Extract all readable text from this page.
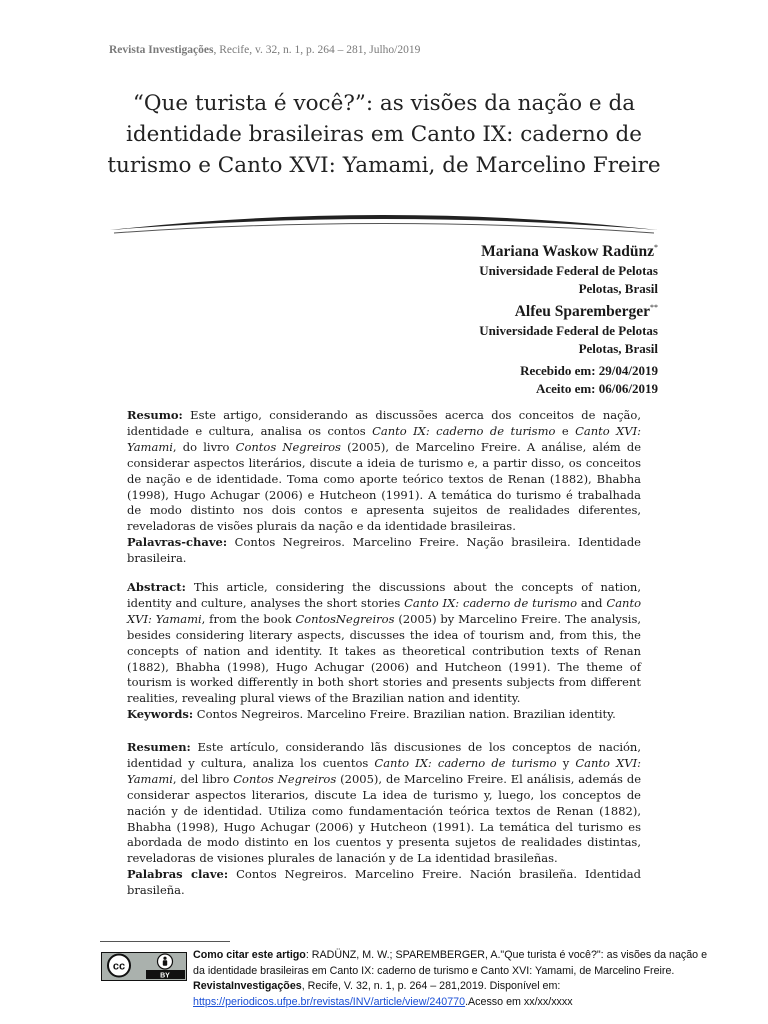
Revista Investigações, Recife, v. 32, n. 1, p. 264 – 281, Julho/2019
“Que turista é você?”: as visões da nação e da identidade brasileiras em Canto IX: caderno de turismo e Canto XVI: Yamami, de Marcelino Freire
Mariana Waskow Radünz*
Universidade Federal de Pelotas
Pelotas, Brasil
Alfeu Sparemberger**
Universidade Federal de Pelotas
Pelotas, Brasil
Recebido em: 29/04/2019
Aceito em: 06/06/2019

Resumo: Este artigo, considerando as discussões acerca dos conceitos de nação, identidade e cultura, analisa os contos Canto IX: caderno de turismo e Canto XVI: Yamami, do livro Contos Negreiros (2005), de Marcelino Freire. A análise, além de considerar aspectos literários, discute a ideia de turismo e, a partir disso, os conceitos de nação e de identidade. Toma como aporte teórico textos de Renan (1882), Bhabha (1998), Hugo Achugar (2006) e Hutcheon (1991). A temática do turismo é trabalhada de modo distinto nos dois contos e apresenta sujeitos de realidades diferentes, reveladoras de visões plurais da nação e da identidade brasileiras.

Palavras-chave: Contos Negreiros. Marcelino Freire. Nação brasileira. Identidade brasileira.

Abstract: This article, considering the discussions about the concepts of nation, identity and culture, analyses the short stories Canto IX: caderno de turismo and Canto XVI: Yamami, from the book ContosNegreiros (2005) by Marcelino Freire. The analysis, besides considering literary aspects, discusses the idea of tourism and, from this, the concepts of nation and identity. It takes as theoretical contribution texts of Renan (1882), Bhabha (1998), Hugo Achugar (2006) and Hutcheon (1991). The theme of tourism is worked differently in both short stories and presents subjects from different realities, revealing plural views of the Brazilian nation and identity.

Keywords: Contos Negreiros. Marcelino Freire. Brazilian nation. Brazilian identity.

Resumen: Este artículo, considerando lãs discusiones de los conceptos de nación, identidad y cultura, analiza los cuentos Canto IX: caderno de turismo y Canto XVI: Yamami, del libro Contos Negreiros (2005), de Marcelino Freire. El análisis, además de considerar aspectos literarios, discute La idea de turismo y, luego, los conceptos de nación y de identidad. Utiliza como fundamentación teórica textos de Renan (1882), Bhabha (1998), Hugo Achugar (2006) y Hutcheon (1991). La temática del turismo es abordada de modo distinto en los cuentos y presenta sujetos de realidades distintas, reveladoras de visiones plurales de lanación y de La identidad brasileñas.

Palabras clave: Contos Negreiros. Marcelino Freire. Nación brasileña. Identidad brasileña.

cc
BY
Como citar este artigo: RADÜNZ, M. W.; SPAREMBERGER, A."Que turista é você?": as visões da nação e da identidade brasileiras em Canto IX: caderno de turismo e Canto XVI: Yamami, de Marcelino Freire. RevistaInvestigações, Recife, V. 32, n. 1, p. 264 – 281,2019. Disponível em: https://periodicos.ufpe.br/revistas/INV/article/view/240770.Acesso em xx/xx/xxxx
